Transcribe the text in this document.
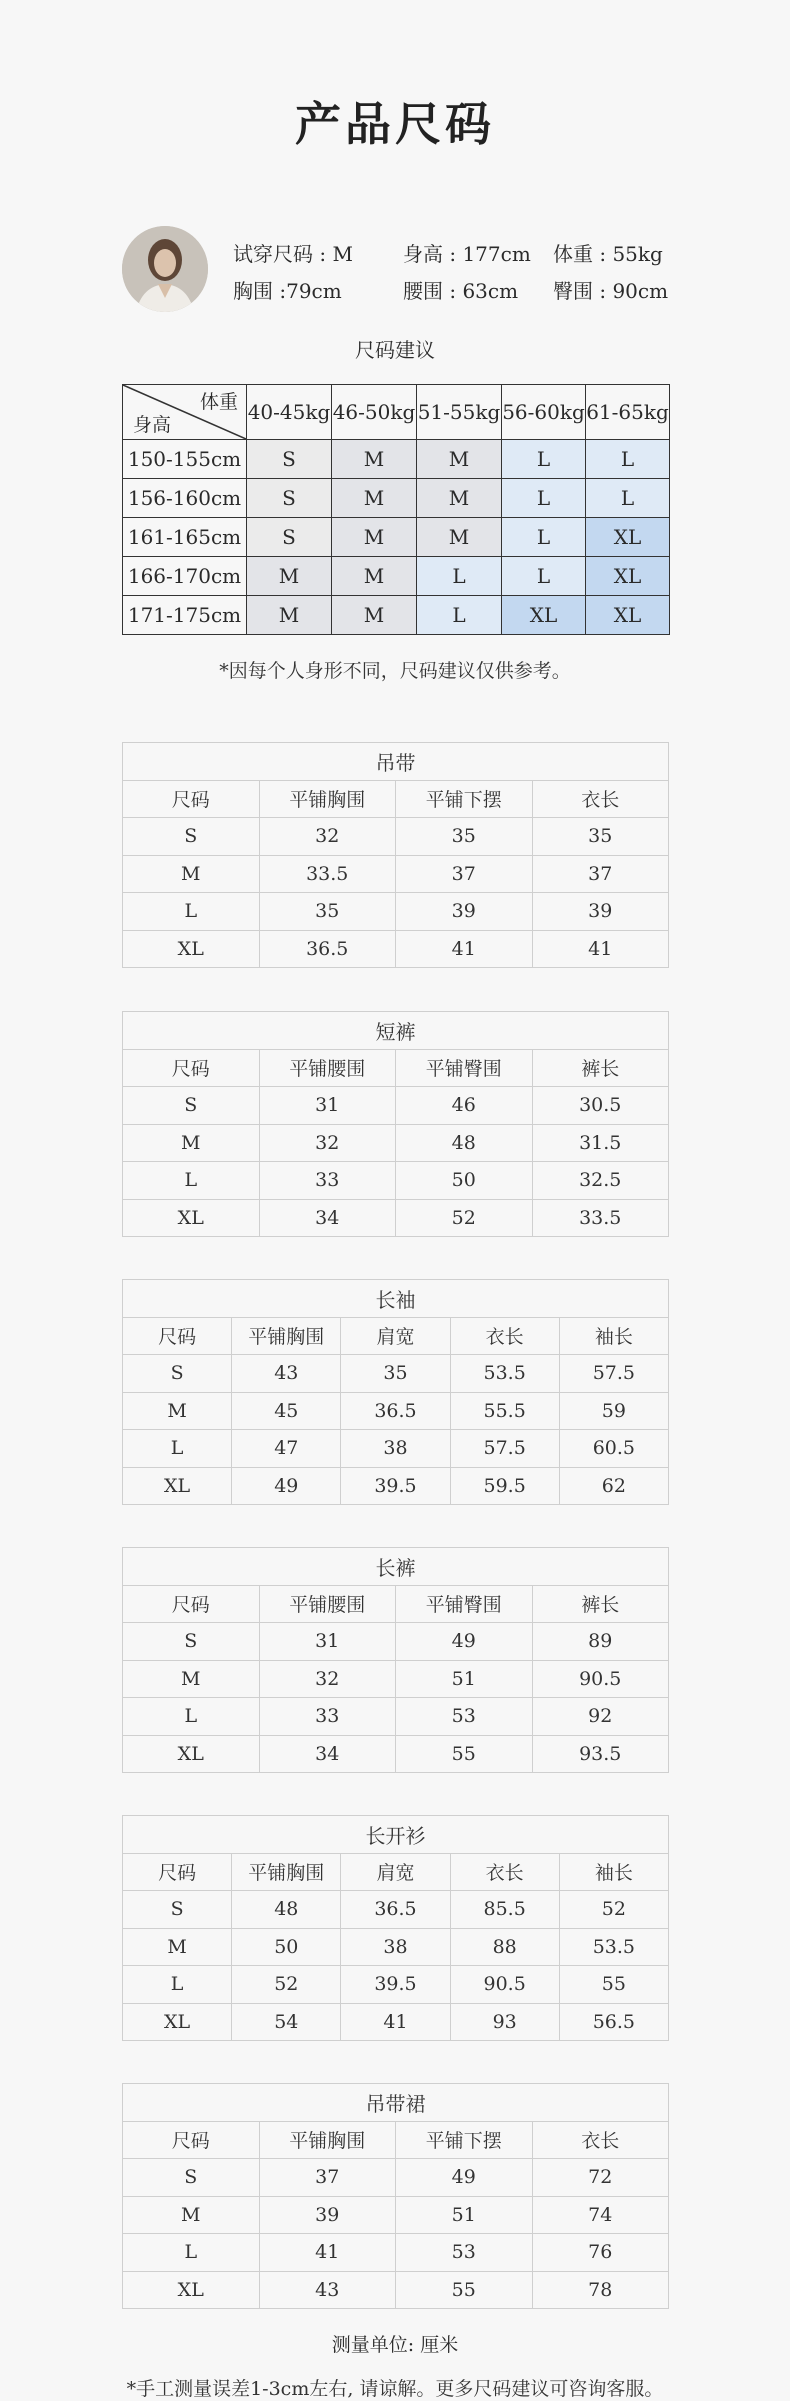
产品尺码
试穿尺码 : M	身高 : 177cm	体重 : 55kg
胸围 :79cm	腰围 : 63cm	臀围 : 90cm
尺码建议
体重
身高	40-45kg	46-50kg	51-55kg	56-60kg	61-65kg
150-155cm	S	M	M	L	L
156-160cm	S	M	M	L	L
161-165cm	S	M	M	L	XL
166-170cm	M	M	L	L	XL
171-175cm	M	M	L	XL	XL
*因每个人身形不同，尺码建议仅供参考。
吊带			
尺码	平铺胸围	平铺下摆	衣长
S	32	35	35
M	33.5	37	37
L	35	39	39
XL	36.5	41	41
短裤			
尺码	平铺腰围	平铺臀围	裤长
S	31	46	30.5
M	32	48	31.5
L	33	50	32.5
XL	34	52	33.5
长袖				
尺码	平铺胸围	肩宽	衣长	袖长
S	43	35	53.5	57.5
M	45	36.5	55.5	59
L	47	38	57.5	60.5
XL	49	39.5	59.5	62
长裤			
尺码	平铺腰围	平铺臀围	裤长
S	31	49	89
M	32	51	90.5
L	33	53	92
XL	34	55	93.5
长开衫				
尺码	平铺胸围	肩宽	衣长	袖长
S	48	36.5	85.5	52
M	50	38	88	53.5
L	52	39.5	90.5	55
XL	54	41	93	56.5
吊带裙			
尺码	平铺胸围	平铺下摆	衣长
S	37	49	72
M	39	51	74
L	41	53	76
XL	43	55	78
测量单位: 厘米
*手工测量误差1-3cm左右, 请谅解。更多尺码建议可咨询客服。
